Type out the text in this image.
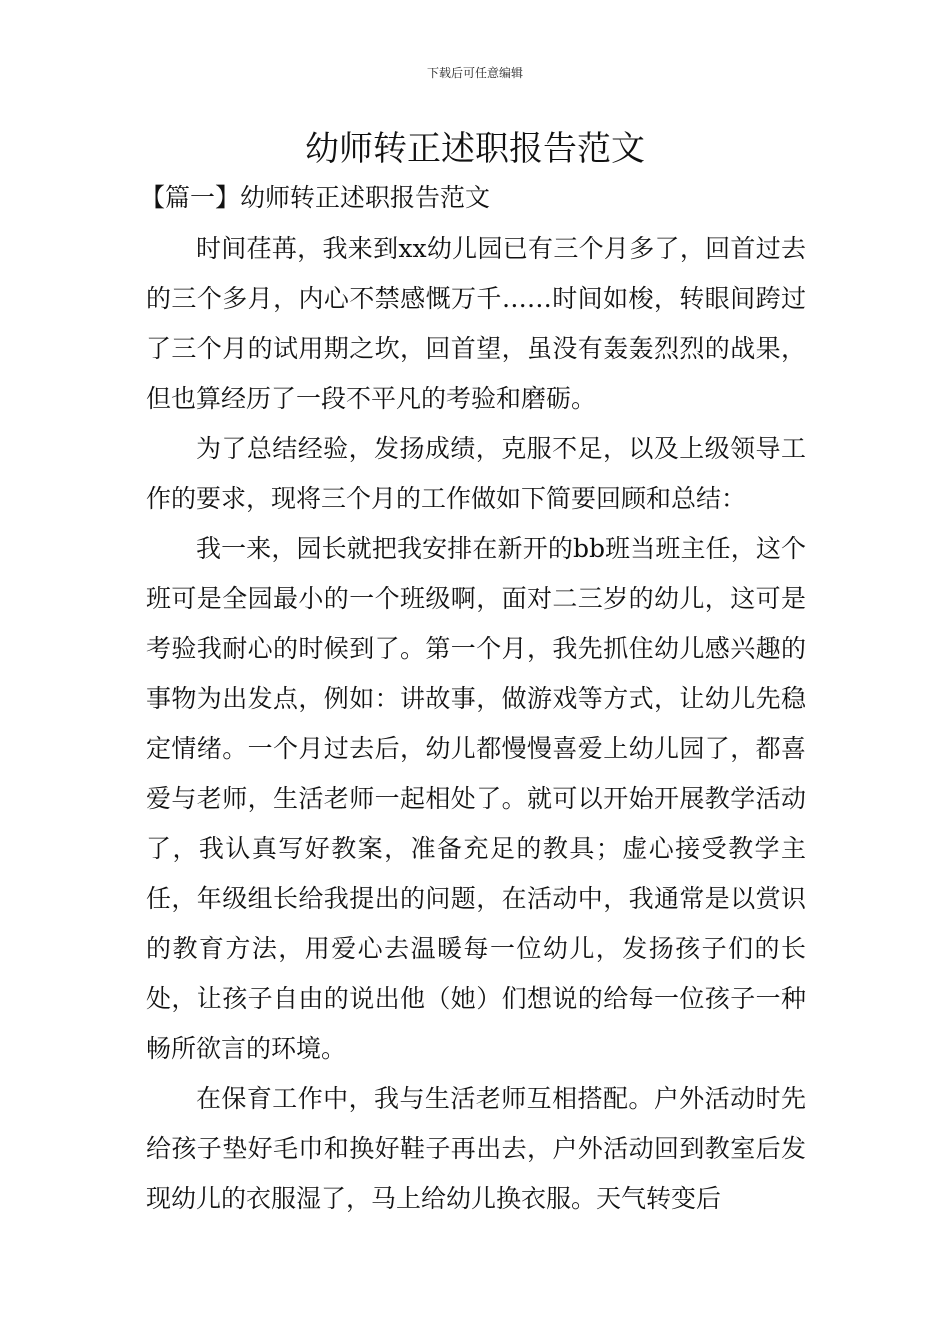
下载后可任意编辑
幼师转正述职报告范文
【篇一】幼师转正述职报告范文

时间荏苒，我来到xx幼儿园已有三个月多了，回首过去的三个多月，内心不禁感慨万千……时间如梭，转眼间跨过了三个月的试用期之坎，回首望，虽没有轰轰烈烈的战果，但也算经历了一段不平凡的考验和磨砺。

为了总结经验，发扬成绩，克服不足，以及上级领导工作的要求，现将三个月的工作做如下简要回顾和总结：

我一来，园长就把我安排在新开的bb班当班主任，这个班可是全园最小的一个班级啊，面对二三岁的幼儿，这可是考验我耐心的时候到了。第一个月，我先抓住幼儿感兴趣的事物为出发点，例如：讲故事，做游戏等方式，让幼儿先稳定情绪。一个月过去后，幼儿都慢慢喜爱上幼儿园了，都喜爱与老师，生活老师一起相处了。就可以开始开展教学活动了，我认真写好教案，准备充足的教具；虚心接受教学主任，年级组长给我提出的问题，在活动中，我通常是以赏识的教育方法，用爱心去温暖每一位幼儿，发扬孩子们的长处，让孩子自由的说出他（她）们想说的给每一位孩子一种畅所欲言的环境。

在保育工作中，我与生活老师互相搭配。户外活动时先给孩子垫好毛巾和换好鞋子再出去，户外活动回到教室后发现幼儿的衣服湿了，马上给幼儿换衣服。天气转变后
